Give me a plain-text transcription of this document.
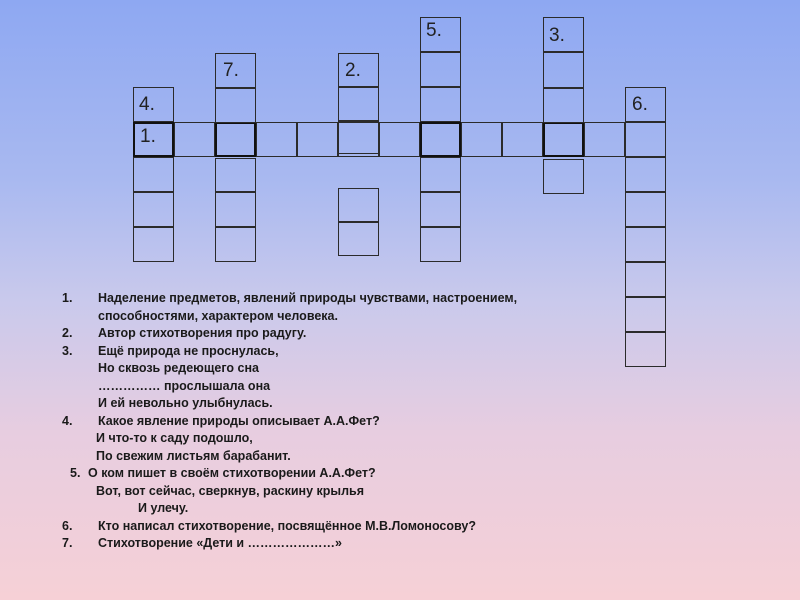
1.
2.
3.
4.
5.
6.
7.
1. Наделение предметов, явлений природы чувствами, настроением,
способностями, характером человека.
2. Автор стихотворения про радугу.
3. Ещё природа не проснулась,
Но сквозь редеющего сна
…………… прослышала она
И ей невольно улыбнулась.
4. Какое явление природы описывает А.А.Фет?
И что-то к саду подошло,
По свежим листьям барабанит.
5. О ком пишет в своём стихотворении А.А.Фет?
Вот, вот сейчас, сверкнув, раскину крылья
И улечу.
6. Кто написал стихотворение, посвящённое М.В.Ломоносову?
7. Стихотворение «Дети и …………………»
